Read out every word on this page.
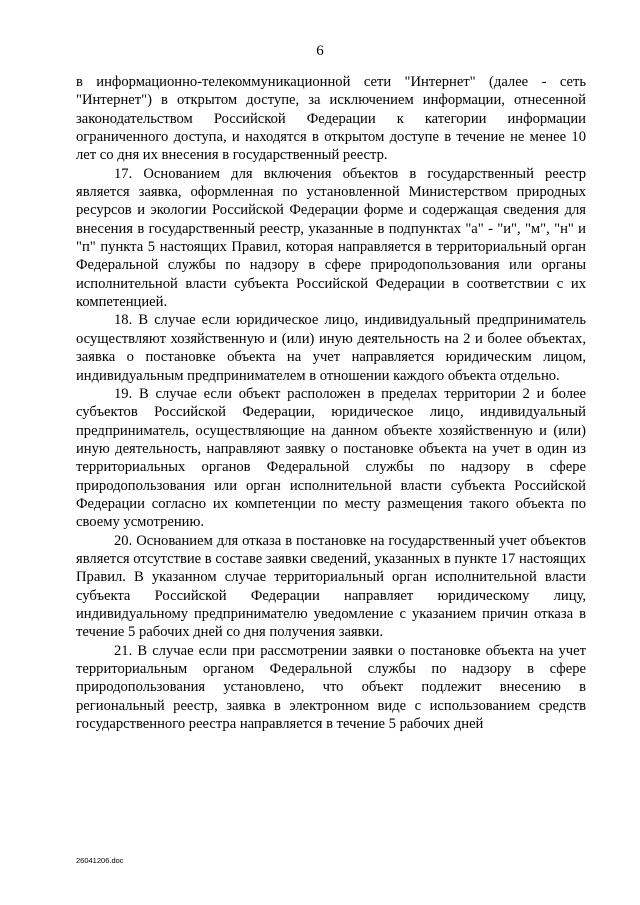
6

в информационно-телекоммуникационной сети "Интернет" (далее - сеть "Интернет") в открытом доступе, за исключением информации, отнесенной законодательством Российской Федерации к категории информации ограниченного доступа, и находятся в открытом доступе в течение не менее 10 лет со дня их внесения в государственный реестр.

17. Основанием для включения объектов в государственный реестр является заявка, оформленная по установленной Министерством природных ресурсов и экологии Российской Федерации форме и содержащая сведения для внесения в государственный реестр, указанные в подпунктах "а" - "и", "м", "н" и "п" пункта 5 настоящих Правил, которая направляется в территориальный орган Федеральной службы по надзору в сфере природопользования или органы исполнительной власти субъекта Российской Федерации в соответствии с их компетенцией.

18. В случае если юридическое лицо, индивидуальный предприниматель осуществляют хозяйственную и (или) иную деятельность на 2 и более объектах, заявка о постановке объекта на учет направляется юридическим лицом, индивидуальным предпринимателем в отношении каждого объекта отдельно.

19. В случае если объект расположен в пределах территории 2 и более субъектов Российской Федерации, юридическое лицо, индивидуальный предприниматель, осуществляющие на данном объекте хозяйственную и (или) иную деятельность, направляют заявку о постановке объекта на учет в один из территориальных органов Федеральной службы по надзору в сфере природопользования или орган исполнительной власти субъекта Российской Федерации согласно их компетенции по месту размещения такого объекта по своему усмотрению.

20. Основанием для отказа в постановке на государственный учет объектов является отсутствие в составе заявки сведений, указанных в пункте 17 настоящих Правил. В указанном случае территориальный орган исполнительной власти субъекта Российской Федерации направляет юридическому лицу, индивидуальному предпринимателю уведомление с указанием причин отказа в течение 5 рабочих дней со дня получения заявки.

21. В случае если при рассмотрении заявки о постановке объекта на учет территориальным органом Федеральной службы по надзору в сфере природопользования установлено, что объект подлежит внесению в региональный реестр, заявка в электронном виде с использованием средств государственного реестра направляется в течение 5 рабочих дней

26041206.doc
